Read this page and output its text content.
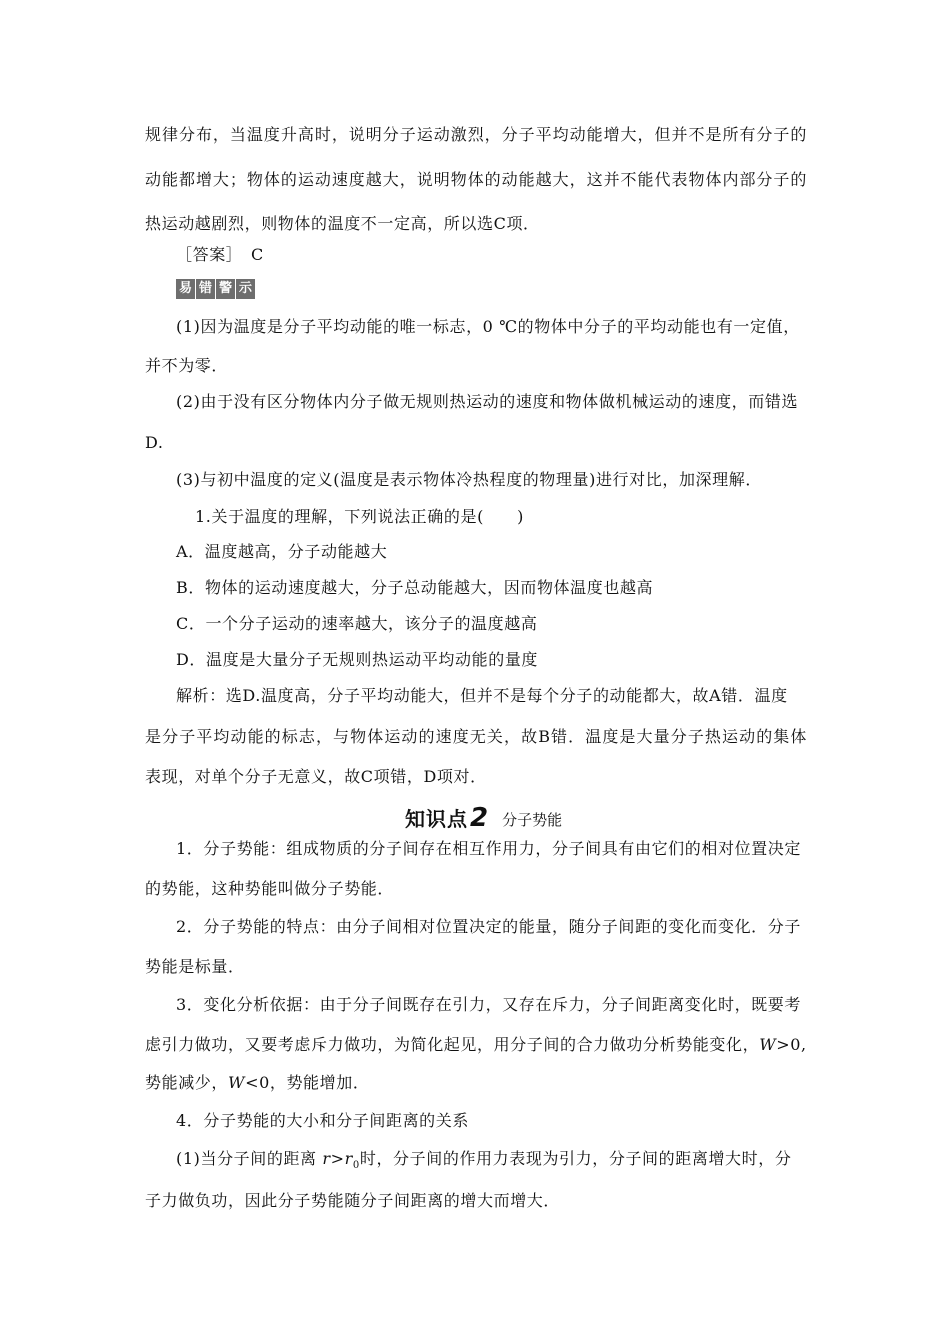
规律分布，当温度升高时，说明分子运动激烈，分子平均动能增大，但并不是所有分子的
动能都增大；物体的运动速度越大，说明物体的动能越大，这并不能代表物体内部分子的
热运动越剧烈，则物体的温度不一定高，所以选C项．
［答案］　C
易 错 警 示
(1)因为温度是分子平均动能的唯一标志，0 ℃的物体中分子的平均动能也有一定值，
并不为零．
(2)由于没有区分物体内分子做无规则热运动的速度和物体做机械运动的速度，而错选
D.
(3)与初中温度的定义(温度是表示物体冷热程度的物理量)进行对比，加深理解．
1.关于温度的理解，下列说法正确的是(　　)
A．温度越高，分子动能越大
B．物体的运动速度越大，分子总动能越大，因而物体温度也越高
C．一个分子运动的速率越大，该分子的温度越高
D．温度是大量分子无规则热运动平均动能的量度
解析：选D.温度高，分子平均动能大，但并不是每个分子的动能都大，故A错．温度
是分子平均动能的标志，与物体运动的速度无关，故B错．温度是大量分子热运动的集体
表现，对单个分子无意义，故C项错，D项对．
知识点 2 分子势能
1．分子势能：组成物质的分子间存在相互作用力，分子间具有由它们的相对位置决定
的势能，这种势能叫做分子势能．
2．分子势能的特点：由分子间相对位置决定的能量，随分子间距的变化而变化．分子
势能是标量．
3．变化分析依据：由于分子间既存在引力，又存在斥力，分子间距离变化时，既要考
虑引力做功，又要考虑斥力做功，为简化起见，用分子间的合力做功分析势能变化，W>0,
势能减少，W<0，势能增加．
4．分子势能的大小和分子间距离的关系
(1)当分子间的距离 $r>r_0$时，分子间的作用力表现为引力，分子间的距离增大时，分
子力做负功，因此分子势能随分子间距离的增大而增大．
